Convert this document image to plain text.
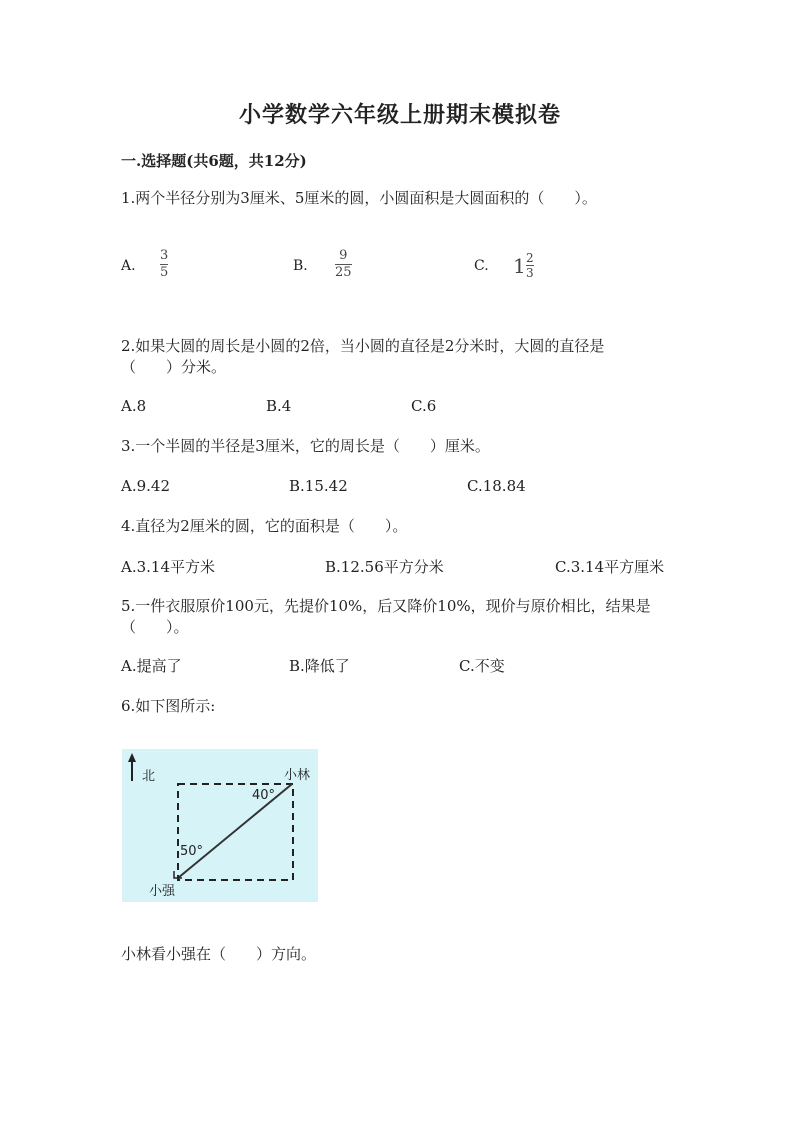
小学数学六年级上册期末模拟卷
一.选择题(共6题，共12分)
1.两个半径分别为3厘米、5厘米的圆，小圆面积是大圆面积的（　　）。
A.
3
5	B.
9
25	C. 1 2
3
2.如果大圆的周长是小圆的2倍，当小圆的直径是2分米时，大圆的直径是
（　　）分米。
A.8	B.4	C.6
3.一个半圆的半径是3厘米，它的周长是（　　）厘米。
A.9.42	B.15.42	C.18.84
4.直径为2厘米的圆，它的面积是（　　）。
A.3.14平方米	B.12.56平方分米	C.3.14平方厘米
5.一件衣服原价100元，先提价10%，后又降价10%，现价与原价相比，结果是
（　　）。
A.提高了	B.降低了	C.不变
6.如下图所示:
北	小林
40°
50°
小强
小林看小强在（　　）方向。
